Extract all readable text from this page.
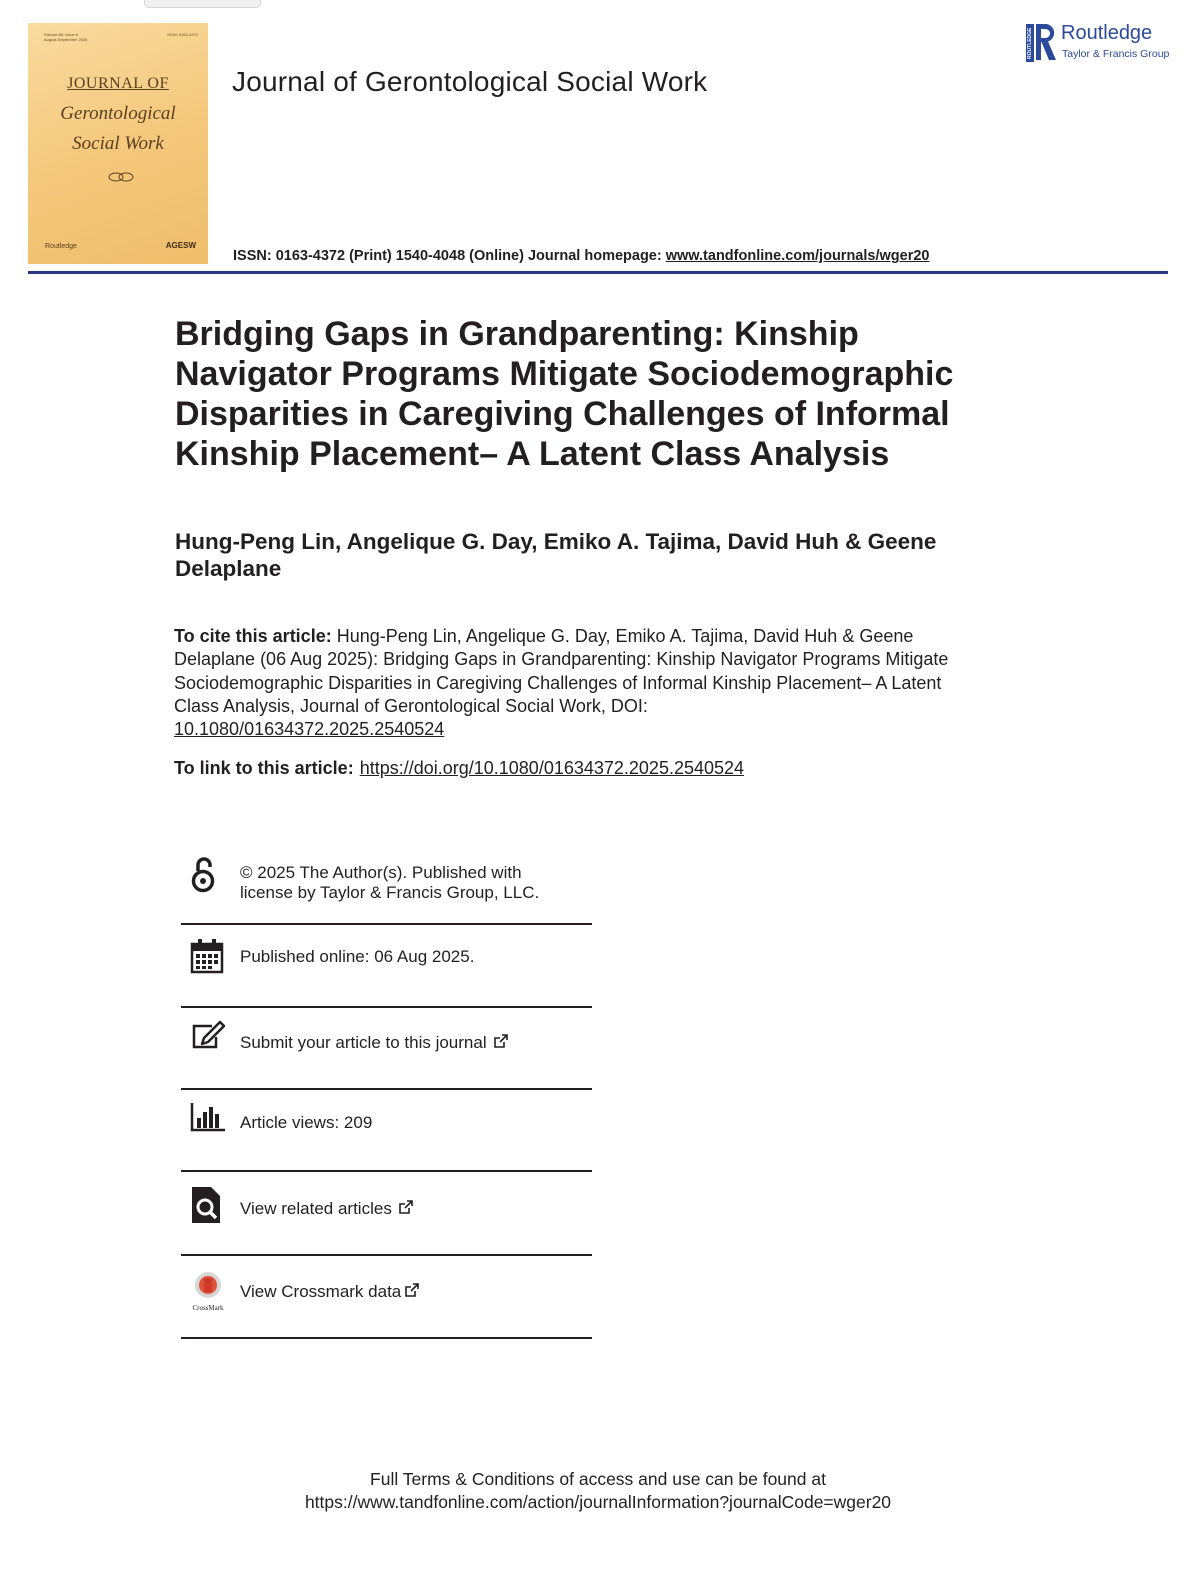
Volume 68, Issue 6
August-September 2025
ISSN: 0163-4372
JOURNAL OF
Gerontological
Social Work
Routledge	AGESW
Journal of Gerontological Social Work
ISSN: 0163-4372 (Print) 1540-4048 (Online) Journal homepage: www.tandfonline.com/journals/wger20
ROUTLEDGE Routledge
Taylor & Francis Group
Bridging Gaps in Grandparenting: Kinship Navigator Programs Mitigate Sociodemographic Disparities in Caregiving Challenges of Informal Kinship Placement– A Latent Class Analysis
Hung-Peng Lin, Angelique G. Day, Emiko A. Tajima, David Huh & Geene Delaplane
To cite this article: Hung-Peng Lin, Angelique G. Day, Emiko A. Tajima, David Huh & Geene Delaplane (06 Aug 2025): Bridging Gaps in Grandparenting: Kinship Navigator Programs Mitigate Sociodemographic Disparities in Caregiving Challenges of Informal Kinship Placement– A Latent Class Analysis, Journal of Gerontological Social Work, DOI:
10.1080/01634372.2025.2540524
To link to this article: https://doi.org/10.1080/01634372.2025.2540524
© 2025 The Author(s). Published with
license by Taylor & Francis Group, LLC.
Published online: 06 Aug 2025.
Submit your article to this journal
Article views: 209
View related articles
CrossMark
View Crossmark data
Full Terms & Conditions of access and use can be found at
https://www.tandfonline.com/action/journalInformation?journalCode=wger20
